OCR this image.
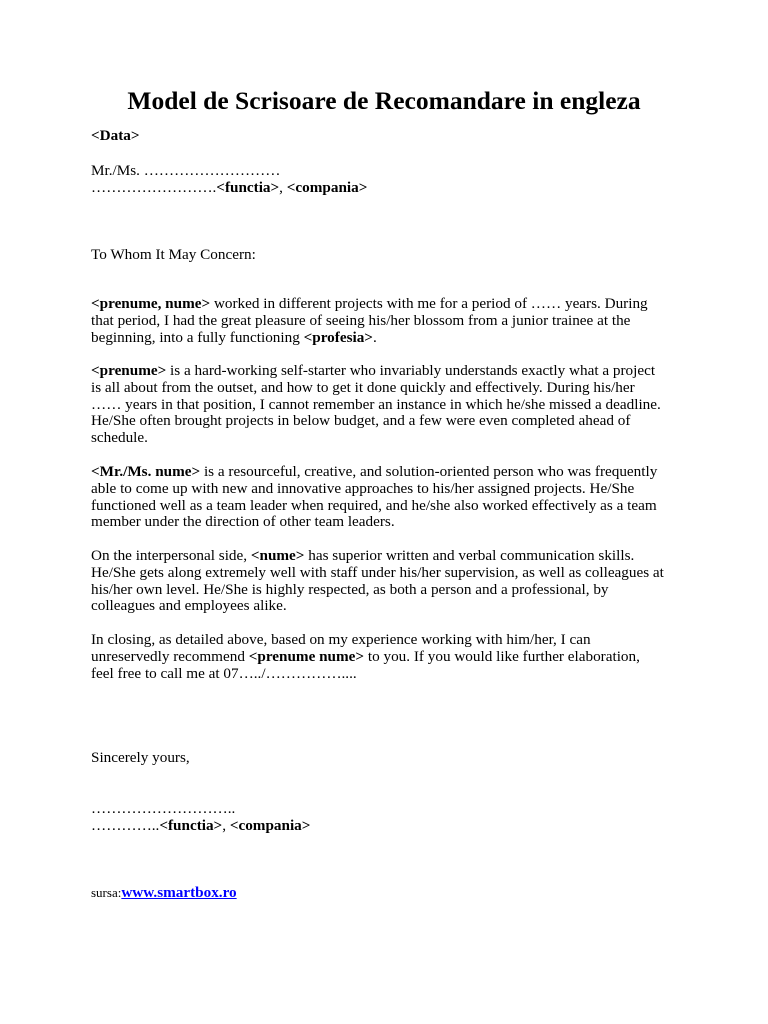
Model de Scrisoare de Recomandare in engleza
<Data>
Mr./Ms. ………………………
…………………….<functia>, <compania>
To Whom It May Concern:
<prenume, nume> worked in different projects with me for a period of …… years. During
that period, I had the great pleasure of seeing his/her blossom from a junior trainee at the
beginning, into a fully functioning <profesia>.
<prenume> is a hard-working self-starter who invariably understands exactly what a project
is all about from the outset, and how to get it done quickly and effectively. During his/her
…… years in that position, I cannot remember an instance in which he/she missed a deadline.
He/She often brought projects in below budget, and a few were even completed ahead of
schedule.
<Mr./Ms. nume> is a resourceful, creative, and solution-oriented person who was frequently
able to come up with new and innovative approaches to his/her assigned projects. He/She
functioned well as a team leader when required, and he/she also worked effectively as a team
member under the direction of other team leaders.
On the interpersonal side, <nume> has superior written and verbal communication skills.
He/She gets along extremely well with staff under his/her supervision, as well as colleagues at
his/her own level. He/She is highly respected, as both a person and a professional, by
colleagues and employees alike.
In closing, as detailed above, based on my experience working with him/her, I can
unreservedly recommend <prenume nume> to you. If you would like further elaboration,
feel free to call me at 07…../……………....
Sincerely yours,
………………………..
…………..<functia>, <compania>
sursa:www.smartbox.ro
